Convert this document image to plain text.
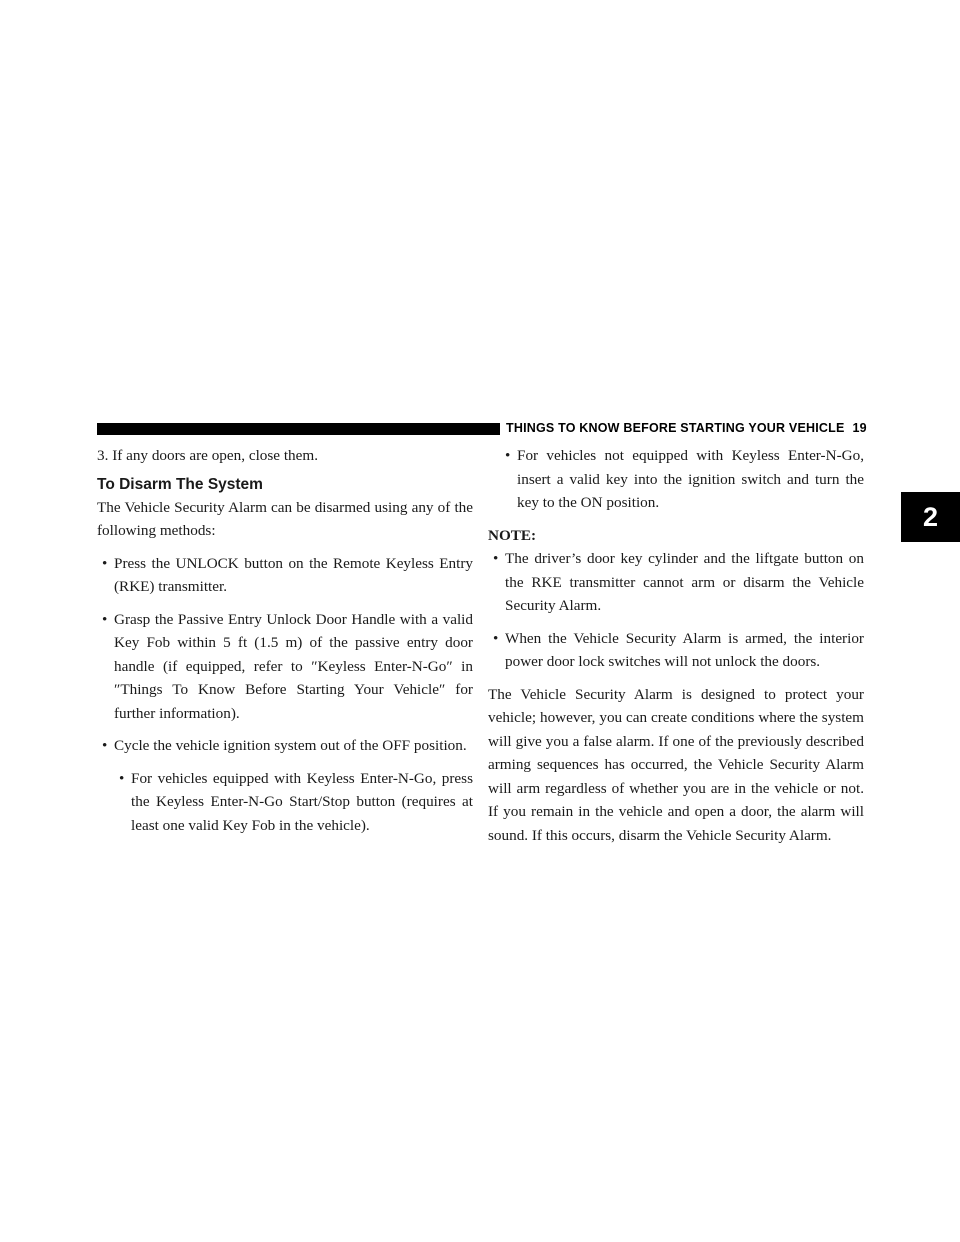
THINGS TO KNOW BEFORE STARTING YOUR VEHICLE 19
2

3. If any doors are open, close them.

To Disarm The System

The Vehicle Security Alarm can be disarmed using any of the following methods:

• Press the UNLOCK button on the Remote Keyless Entry (RKE) transmitter.

• Grasp the Passive Entry Unlock Door Handle with a valid Key Fob within 5 ft (1.5 m) of the passive entry door handle (if equipped, refer to ″Keyless Enter-N-Go″ in ″Things To Know Before Starting Your Vehicle″ for further information).

• Cycle the vehicle ignition system out of the OFF position.

• For vehicles equipped with Keyless Enter-N-Go, press the Keyless Enter-N-Go Start/Stop button (requires at least one valid Key Fob in the vehicle).

• For vehicles not equipped with Keyless Enter-N-Go, insert a valid key into the ignition switch and turn the key to the ON position.

NOTE:

• The driver’s door key cylinder and the liftgate button on the RKE transmitter cannot arm or disarm the Vehicle Security Alarm.

• When the Vehicle Security Alarm is armed, the interior power door lock switches will not unlock the doors.

The Vehicle Security Alarm is designed to protect your vehicle; however, you can create conditions where the system will give you a false alarm. If one of the previously described arming sequences has occurred, the Vehicle Security Alarm will arm regardless of whether you are in the vehicle or not. If you remain in the vehicle and open a door, the alarm will sound. If this occurs, disarm the Vehicle Security Alarm.
